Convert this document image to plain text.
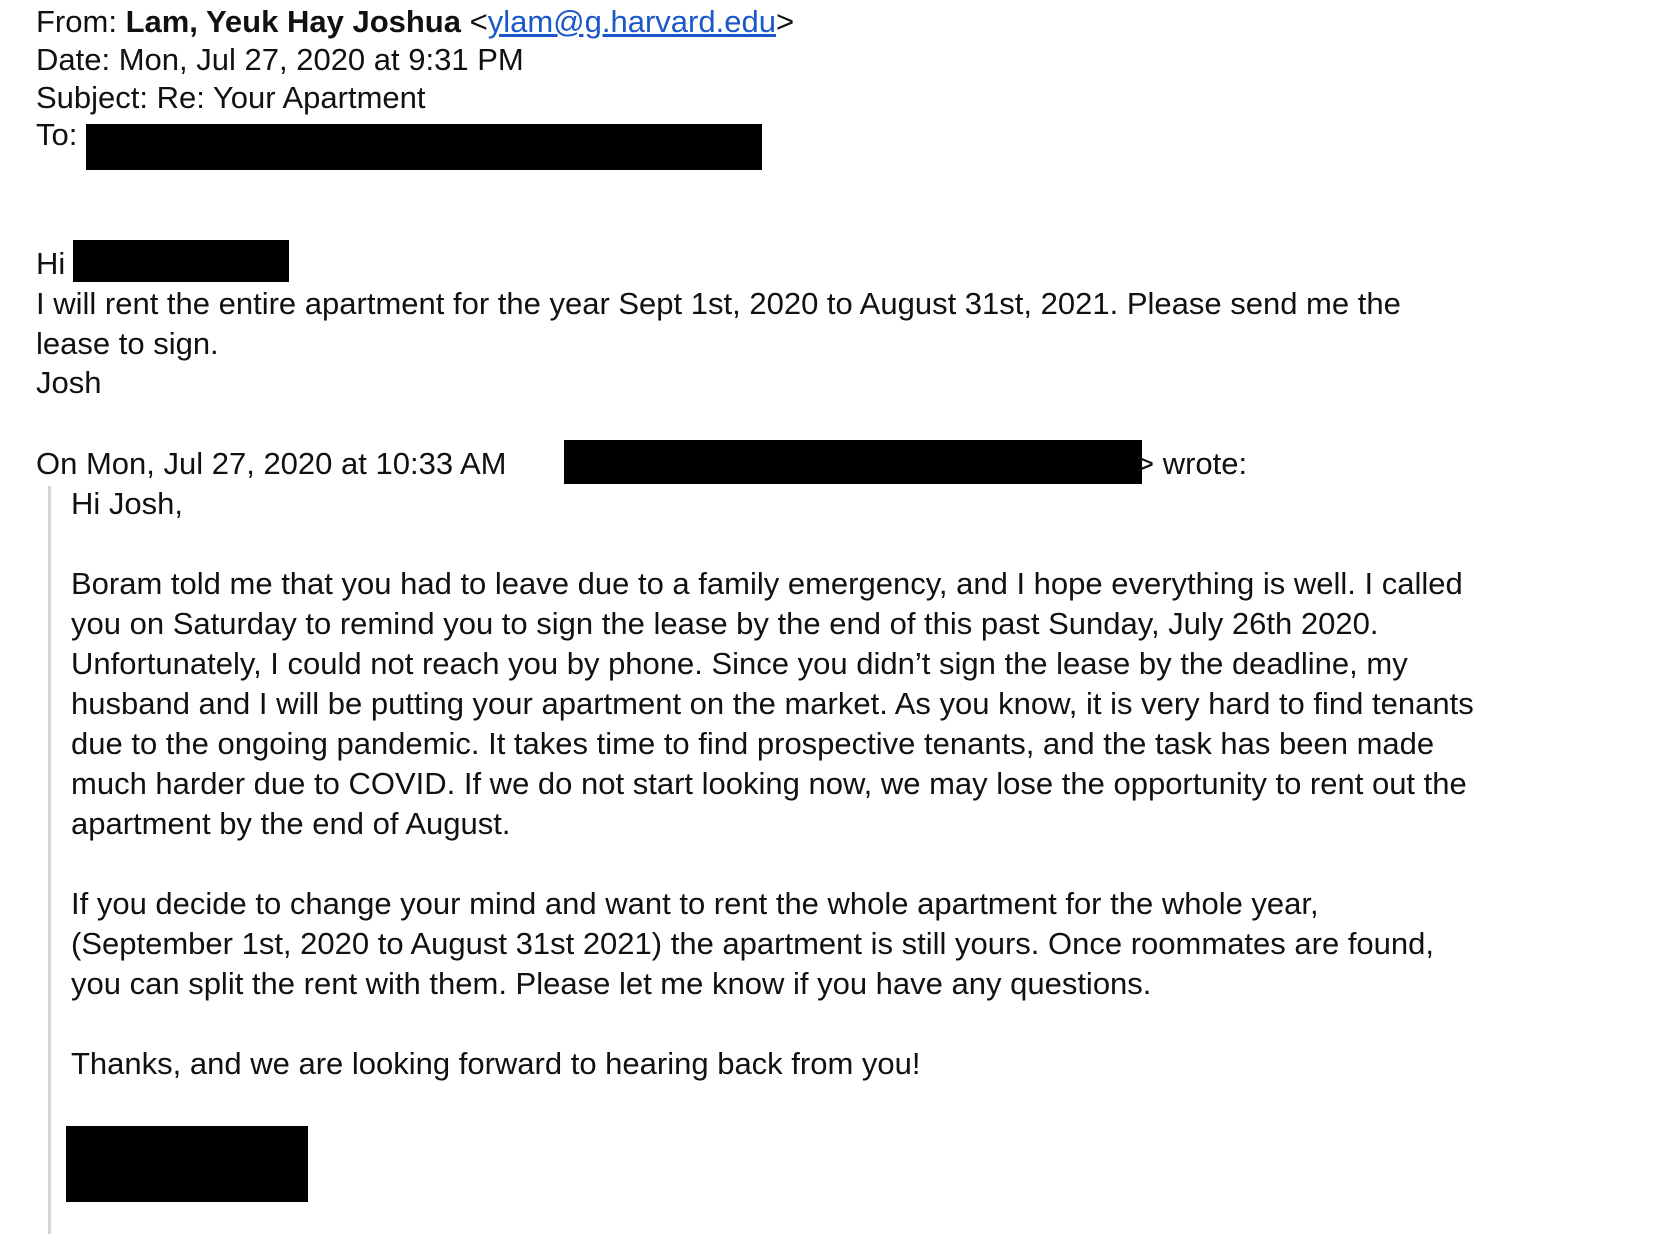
From: Lam, Yeuk Hay Joshua <ylam@g.harvard.edu>
Date: Mon, Jul 27, 2020 at 9:31 PM
Subject: Re: Your Apartment
To:
Hi
I will rent the entire apartment for the year Sept 1st, 2020 to August 31st, 2021. Please send me the
lease to sign.
Josh
On Mon, Jul 27, 2020 at 10:33 AM	> wrote:
Hi Josh,
Boram told me that you had to leave due to a family emergency, and I hope everything is well. I called
you on Saturday to remind you to sign the lease by the end of this past Sunday, July 26th 2020.
Unfortunately, I could not reach you by phone. Since you didn’t sign the lease by the deadline, my
husband and I will be putting your apartment on the market. As you know, it is very hard to find tenants
due to the ongoing pandemic. It takes time to find prospective tenants, and the task has been made
much harder due to COVID. If we do not start looking now, we may lose the opportunity to rent out the
apartment by the end of August.
If you decide to change your mind and want to rent the whole apartment for the whole year,
(September 1st, 2020 to August 31st 2021) the apartment is still yours. Once roommates are found,
you can split the rent with them. Please let me know if you have any questions.
Thanks, and we are looking forward to hearing back from you!
